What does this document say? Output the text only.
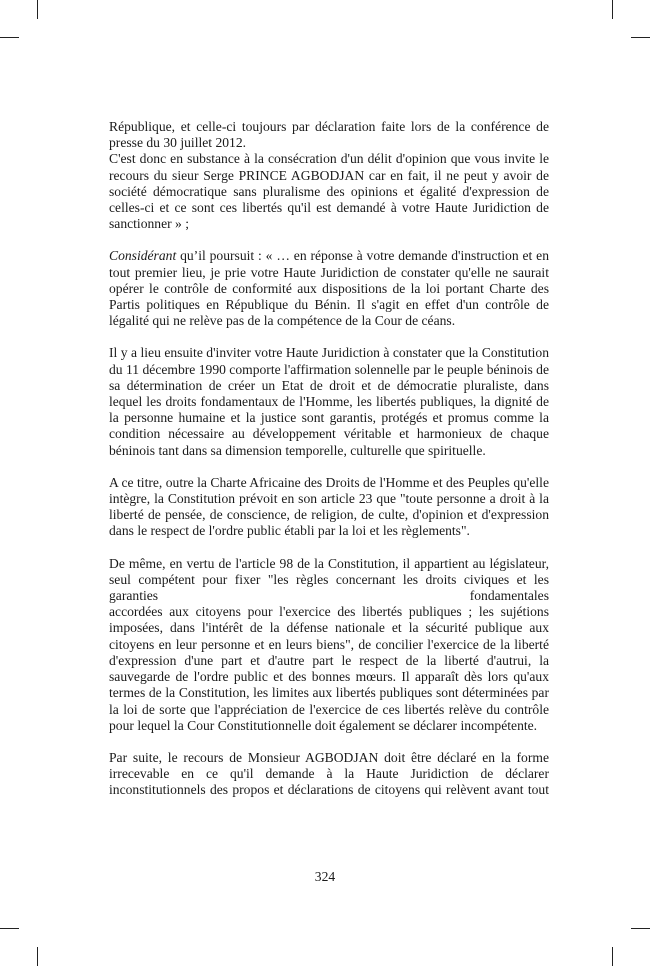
République, et celle-ci toujours par déclaration faite lors de la conférence de presse du 30 juillet 2012.

C'est donc en substance à la consécration d'un délit d'opinion que vous invite le recours du sieur Serge PRINCE AGBODJAN car en fait, il ne peut y avoir de société démocratique sans pluralisme des opinions et égalité d'expression de celles-ci et ce sont ces libertés qu'il est demandé à votre Haute Juridiction de sanctionner » ;

Considérant qu’il poursuit : « … en réponse à votre demande d'instruction et en tout premier lieu, je prie votre Haute Juridiction de constater qu'elle ne saurait opérer le contrôle de conformité aux dispositions de la loi portant Charte des Partis politiques en République du Bénin. Il s'agit en effet d'un contrôle de légalité qui ne relève pas de la compétence de la Cour de céans.

Il y a lieu ensuite d'inviter votre Haute Juridiction à constater que la Constitution du 11 décembre 1990 comporte l'affirmation solennelle par le peuple béninois de sa détermination de créer un Etat de droit et de démocratie pluraliste, dans lequel les droits fondamentaux de l'Homme, les libertés publiques, la dignité de la personne humaine et la justice sont garantis, protégés et promus comme la condition nécessaire au développement véritable et harmonieux de chaque béninois tant dans sa dimension temporelle, culturelle que spirituelle.

A ce titre, outre la Charte Africaine des Droits de l'Homme et des Peuples qu'elle intègre, la Constitution prévoit en son article 23 que "toute personne a droit à la liberté de pensée, de conscience, de religion, de culte, d'opinion et d'expression dans le respect de l'ordre public établi par la loi et les règlements".

De même, en vertu de l'article 98 de la Constitution, il appartient au législateur, seul compétent pour fixer "les règles concernant les droits civiques et les garanties fondamentales

accordées aux citoyens pour l'exercice des libertés publiques ; les sujétions imposées, dans l'intérêt de la défense nationale et la sécurité publique aux citoyens en leur personne et en leurs biens", de concilier l'exercice de la liberté d'expression d'une part et d'autre part le respect de la liberté d'autrui, la sauvegarde de l'ordre public et des bonnes mœurs. Il apparaît dès lors qu'aux termes de la Constitution, les limites aux libertés publiques sont déterminées par la loi de sorte que l'appréciation de l'exercice de ces libertés relève du contrôle pour lequel la Cour Constitutionnelle doit également se déclarer incompétente.

Par suite, le recours de Monsieur AGBODJAN doit être déclaré en la forme irrecevable en ce qu'il demande à la Haute Juridiction de déclarer inconstitutionnels des propos et déclarations de citoyens qui relèvent avant tout

324
